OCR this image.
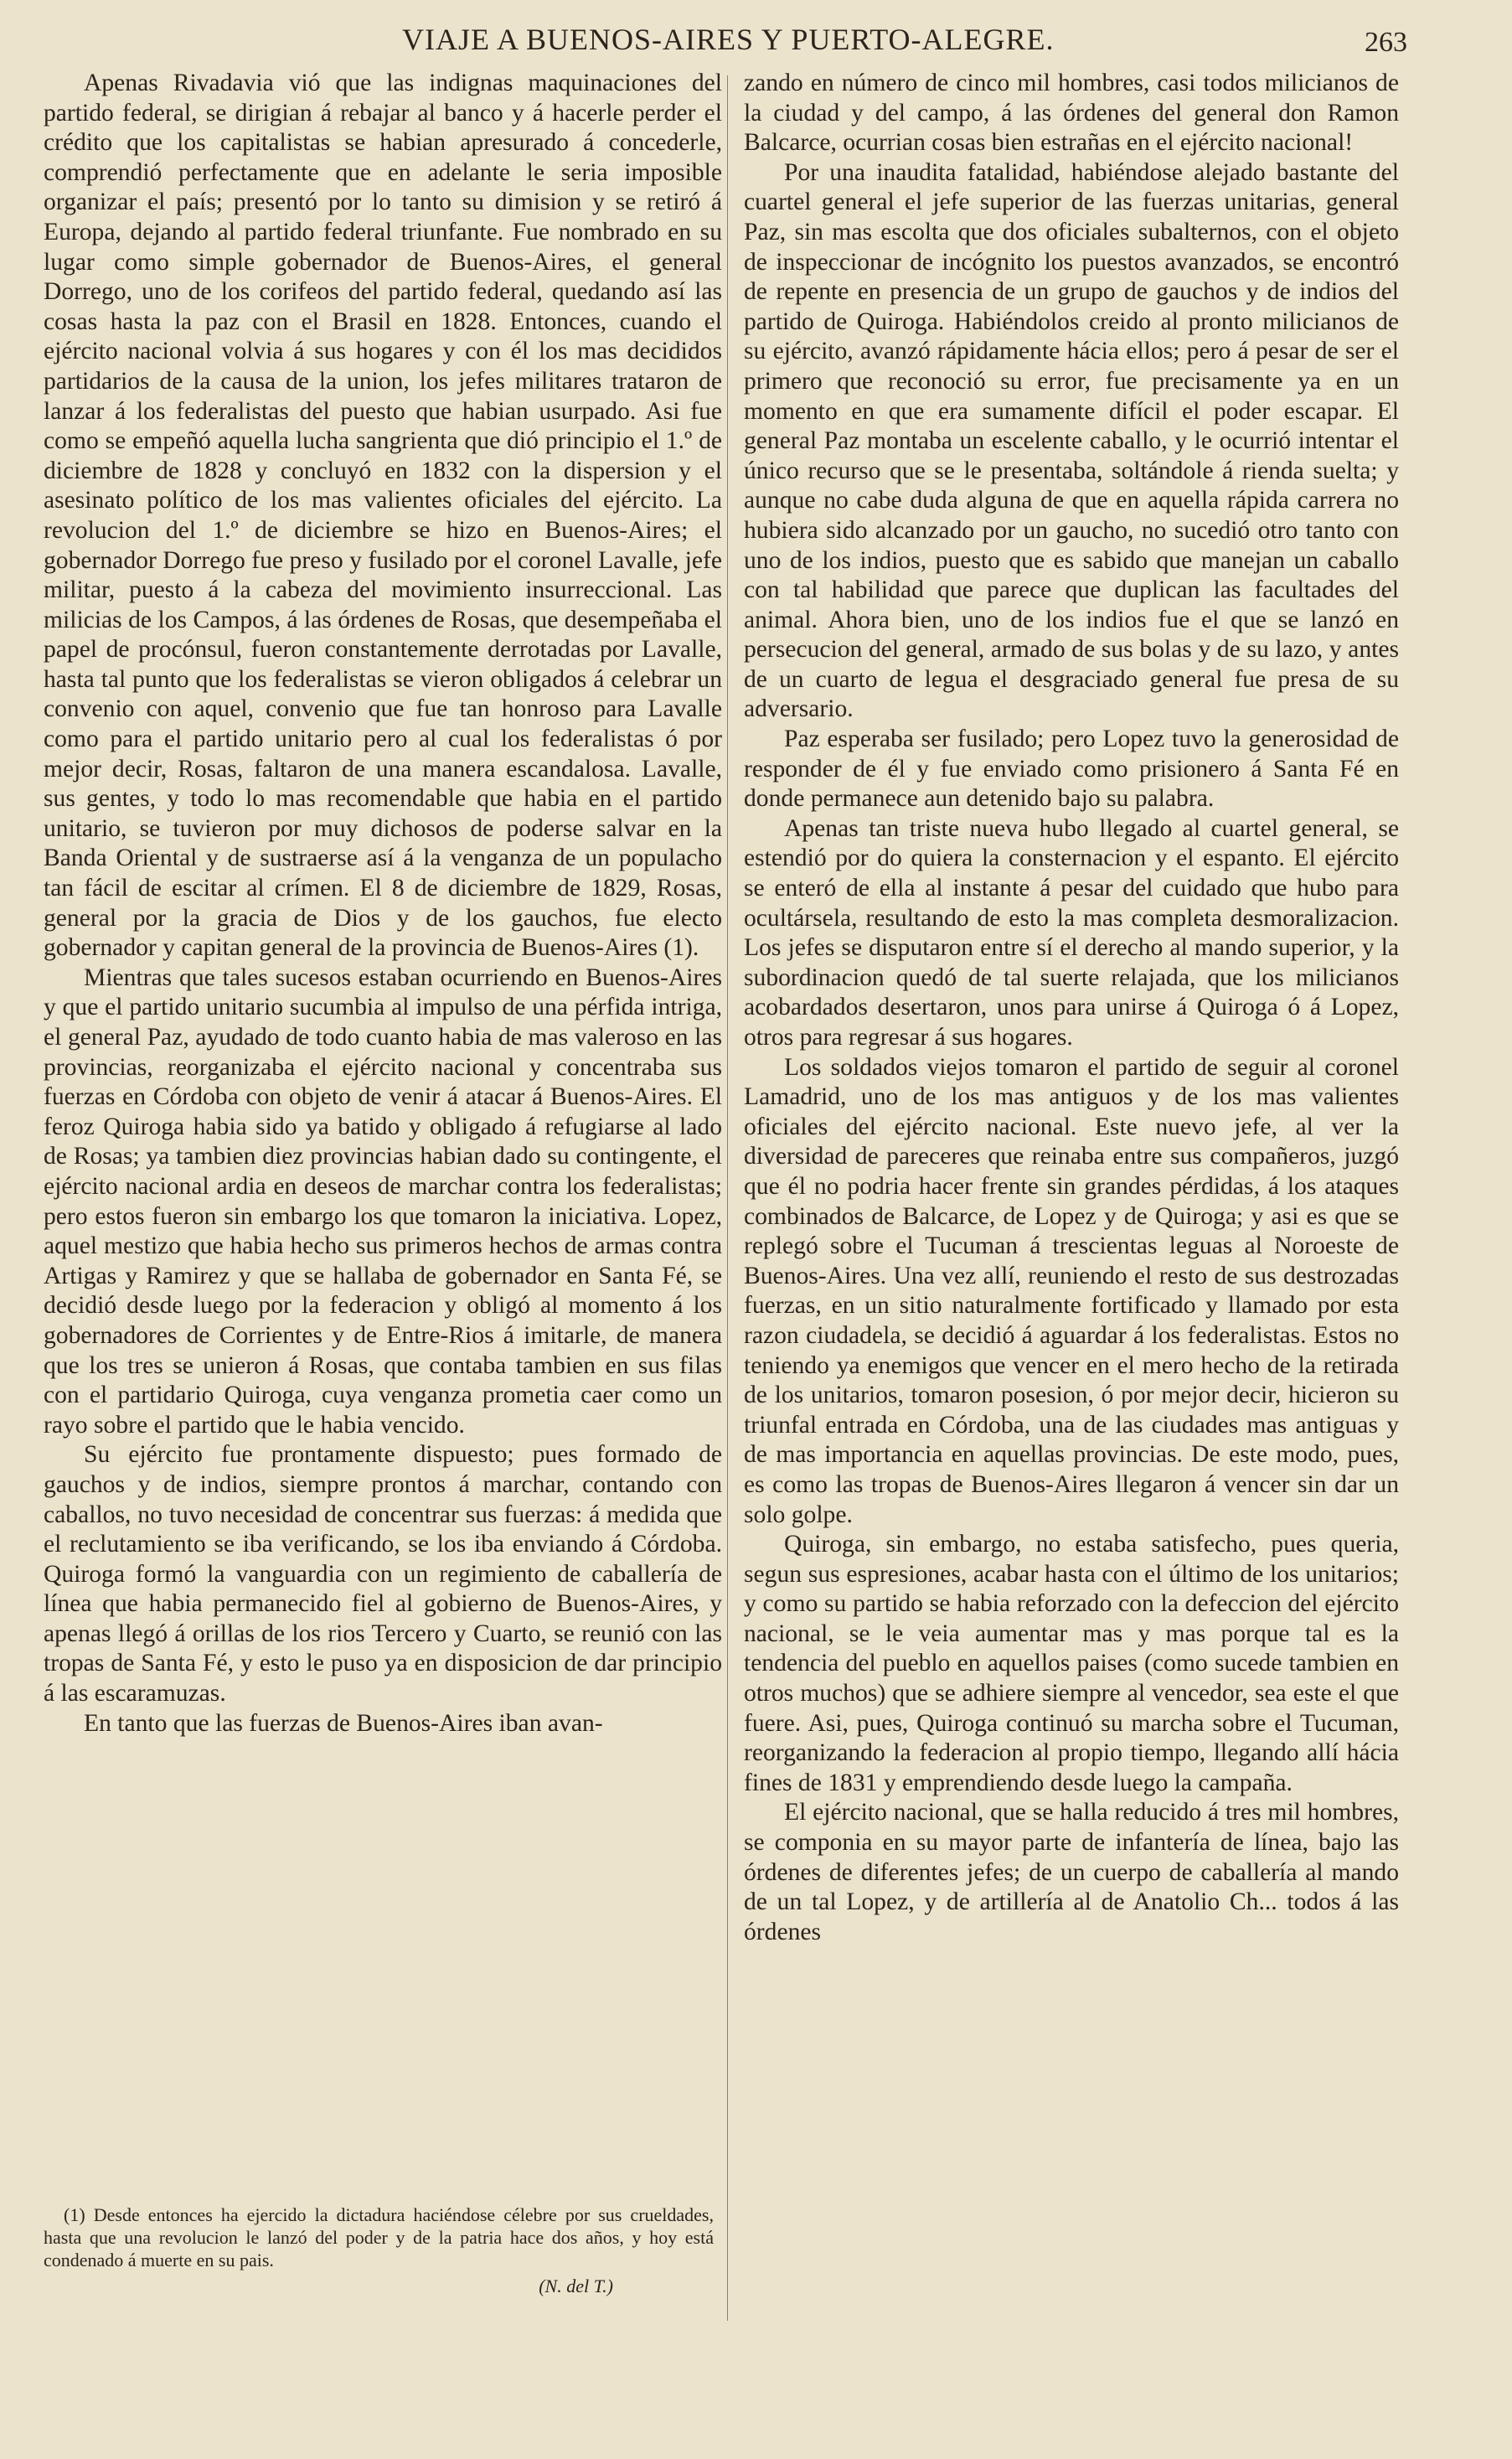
VIAJE A BUENOS-AIRES Y PUERTO-ALEGRE.	263

Apenas Rivadavia vió que las indignas maquinaciones del partido federal, se dirigian á rebajar al banco y á hacerle perder el crédito que los capitalistas se habian apresurado á concederle, comprendió perfectamente que en adelante le seria imposible organizar el país; presentó por lo tanto su dimision y se retiró á Europa, dejando al partido federal triunfante. Fue nombrado en su lugar como simple gobernador de Buenos-Aires, el general Dorrego, uno de los corifeos del partido federal, quedando así las cosas hasta la paz con el Brasil en 1828. Entonces, cuando el ejército nacional volvia á sus hogares y con él los mas decididos partidarios de la causa de la union, los jefes militares trataron de lanzar á los federalistas del puesto que habian usurpado. Asi fue como se empeñó aquella lucha sangrienta que dió principio el 1.º de diciembre de 1828 y concluyó en 1832 con la dispersion y el asesinato político de los mas valientes oficiales del ejército. La revolucion del 1.º de diciembre se hizo en Buenos-Aires; el gobernador Dorrego fue preso y fusilado por el coronel Lavalle, jefe militar, puesto á la cabeza del movimiento insurreccional. Las milicias de los Campos, á las órdenes de Rosas, que desempeñaba el papel de procónsul, fueron constantemente derrotadas por Lavalle, hasta tal punto que los federalistas se vieron obligados á celebrar un convenio con aquel, convenio que fue tan honroso para Lavalle como para el partido unitario pero al cual los federalistas ó por mejor decir, Rosas, faltaron de una manera escandalosa. Lavalle, sus gentes, y todo lo mas recomendable que habia en el partido unitario, se tuvieron por muy dichosos de poderse salvar en la Banda Oriental y de sustraerse así á la venganza de un populacho tan fácil de escitar al crímen. El 8 de diciembre de 1829, Rosas, general por la gracia de Dios y de los gauchos, fue electo gobernador y capitan general de la provincia de Buenos-Aires (1).

Mientras que tales sucesos estaban ocurriendo en Buenos-Aires y que el partido unitario sucumbia al impulso de una pérfida intriga, el general Paz, ayudado de todo cuanto habia de mas valeroso en las provincias, reorganizaba el ejército nacional y concentraba sus fuerzas en Córdoba con objeto de venir á atacar á Buenos-Aires. El feroz Quiroga habia sido ya batido y obligado á refugiarse al lado de Rosas; ya tambien diez provincias habian dado su contingente, el ejército nacional ardia en deseos de marchar contra los federalistas; pero estos fueron sin embargo los que tomaron la iniciativa. Lopez, aquel mestizo que habia hecho sus primeros hechos de armas contra Artigas y Ramirez y que se hallaba de gobernador en Santa Fé, se decidió desde luego por la federacion y obligó al momento á los gobernadores de Corrientes y de Entre-Rios á imitarle, de manera que los tres se unieron á Rosas, que contaba tambien en sus filas con el partidario Quiroga, cuya venganza prometia caer como un rayo sobre el partido que le habia vencido.

Su ejército fue prontamente dispuesto; pues formado de gauchos y de indios, siempre prontos á marchar, contando con caballos, no tuvo necesidad de concentrar sus fuerzas: á medida que el reclutamiento se iba verificando, se los iba enviando á Córdoba. Quiroga formó la vanguardia con un regimiento de caballería de línea que habia permanecido fiel al gobierno de Buenos-Aires, y apenas llegó á orillas de los rios Tercero y Cuarto, se reunió con las tropas de Santa Fé, y esto le puso ya en disposicion de dar principio á las escaramuzas.

En tanto que las fuerzas de Buenos-Aires iban avan-

zando en número de cinco mil hombres, casi todos milicianos de la ciudad y del campo, á las órdenes del general don Ramon Balcarce, ocurrian cosas bien estrañas en el ejército nacional!

Por una inaudita fatalidad, habiéndose alejado bastante del cuartel general el jefe superior de las fuerzas unitarias, general Paz, sin mas escolta que dos oficiales subalternos, con el objeto de inspeccionar de incógnito los puestos avanzados, se encontró de repente en presencia de un grupo de gauchos y de indios del partido de Quiroga. Habiéndolos creido al pronto milicianos de su ejército, avanzó rápidamente hácia ellos; pero á pesar de ser el primero que reconoció su error, fue precisamente ya en un momento en que era sumamente difícil el poder escapar. El general Paz montaba un escelente caballo, y le ocurrió intentar el único recurso que se le presentaba, soltándole á rienda suelta; y aunque no cabe duda alguna de que en aquella rápida carrera no hubiera sido alcanzado por un gaucho, no sucedió otro tanto con uno de los indios, puesto que es sabido que manejan un caballo con tal habilidad que parece que duplican las facultades del animal. Ahora bien, uno de los indios fue el que se lanzó en persecucion del general, armado de sus bolas y de su lazo, y antes de un cuarto de legua el desgraciado general fue presa de su adversario.

Paz esperaba ser fusilado; pero Lopez tuvo la generosidad de responder de él y fue enviado como prisionero á Santa Fé en donde permanece aun detenido bajo su palabra.

Apenas tan triste nueva hubo llegado al cuartel general, se estendió por do quiera la consternacion y el espanto. El ejército se enteró de ella al instante á pesar del cuidado que hubo para ocultársela, resultando de esto la mas completa desmoralizacion. Los jefes se disputaron entre sí el derecho al mando superior, y la subordinacion quedó de tal suerte relajada, que los milicianos acobardados desertaron, unos para unirse á Quiroga ó á Lopez, otros para regresar á sus hogares.

Los soldados viejos tomaron el partido de seguir al coronel Lamadrid, uno de los mas antiguos y de los mas valientes oficiales del ejército nacional. Este nuevo jefe, al ver la diversidad de pareceres que reinaba entre sus compañeros, juzgó que él no podria hacer frente sin grandes pérdidas, á los ataques combinados de Balcarce, de Lopez y de Quiroga; y asi es que se replegó sobre el Tucuman á trescientas leguas al Noroeste de Buenos-Aires. Una vez allí, reuniendo el resto de sus destrozadas fuerzas, en un sitio naturalmente fortificado y llamado por esta razon ciudadela, se decidió á aguardar á los federalistas. Estos no teniendo ya enemigos que vencer en el mero hecho de la retirada de los unitarios, tomaron posesion, ó por mejor decir, hicieron su triunfal entrada en Córdoba, una de las ciudades mas antiguas y de mas importancia en aquellas provincias. De este modo, pues, es como las tropas de Buenos-Aires llegaron á vencer sin dar un solo golpe.

Quiroga, sin embargo, no estaba satisfecho, pues queria, segun sus espresiones, acabar hasta con el último de los unitarios; y como su partido se habia reforzado con la defeccion del ejército nacional, se le veia aumentar mas y mas porque tal es la tendencia del pueblo en aquellos paises (como sucede tambien en otros muchos) que se adhiere siempre al vencedor, sea este el que fuere. Asi, pues, Quiroga continuó su marcha sobre el Tucuman, reorganizando la federacion al propio tiempo, llegando allí hácia fines de 1831 y emprendiendo desde luego la campaña.

El ejército nacional, que se halla reducido á tres mil hombres, se componia en su mayor parte de infantería de línea, bajo las órdenes de diferentes jefes; de un cuerpo de caballería al mando de un tal Lopez, y de artillería al de Anatolio Ch... todos á las órdenes

(1) Desde entonces ha ejercido la dictadura haciéndose célebre por sus crueldades, hasta que una revolucion le lanzó del poder y de la patria hace dos años, y hoy está condenado á muerte en su pais.

(N. del T.)
